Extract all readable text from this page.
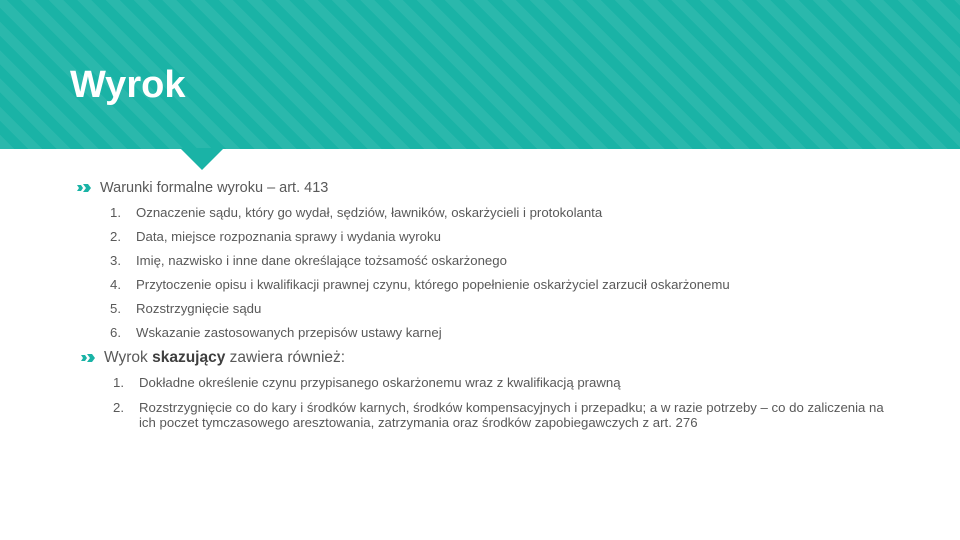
Wyrok
Warunki formalne wyroku – art. 413
1. Oznaczenie sądu, który go wydał, sędziów, ławników, oskarżycieli i protokolanta
2. Data, miejsce rozpoznania sprawy i wydania wyroku
3. Imię, nazwisko i inne dane określające tożsamość oskarżonego
4. Przytoczenie opisu i kwalifikacji prawnej czynu, którego popełnienie oskarżyciel zarzucił oskarżonemu
5. Rozstrzygnięcie sądu
6. Wskazanie zastosowanych przepisów ustawy karnej
Wyrok skazujący zawiera również:
1. Dokładne określenie czynu przypisanego oskarżonemu wraz z kwalifikacją prawną
2. Rozstrzygnięcie co do kary i środków karnych, środków kompensacyjnych i przepadku; a w razie potrzeby – co do zaliczenia na ich poczet tymczasowego aresztowania, zatrzymania oraz środków zapobiegawczych z art. 276
